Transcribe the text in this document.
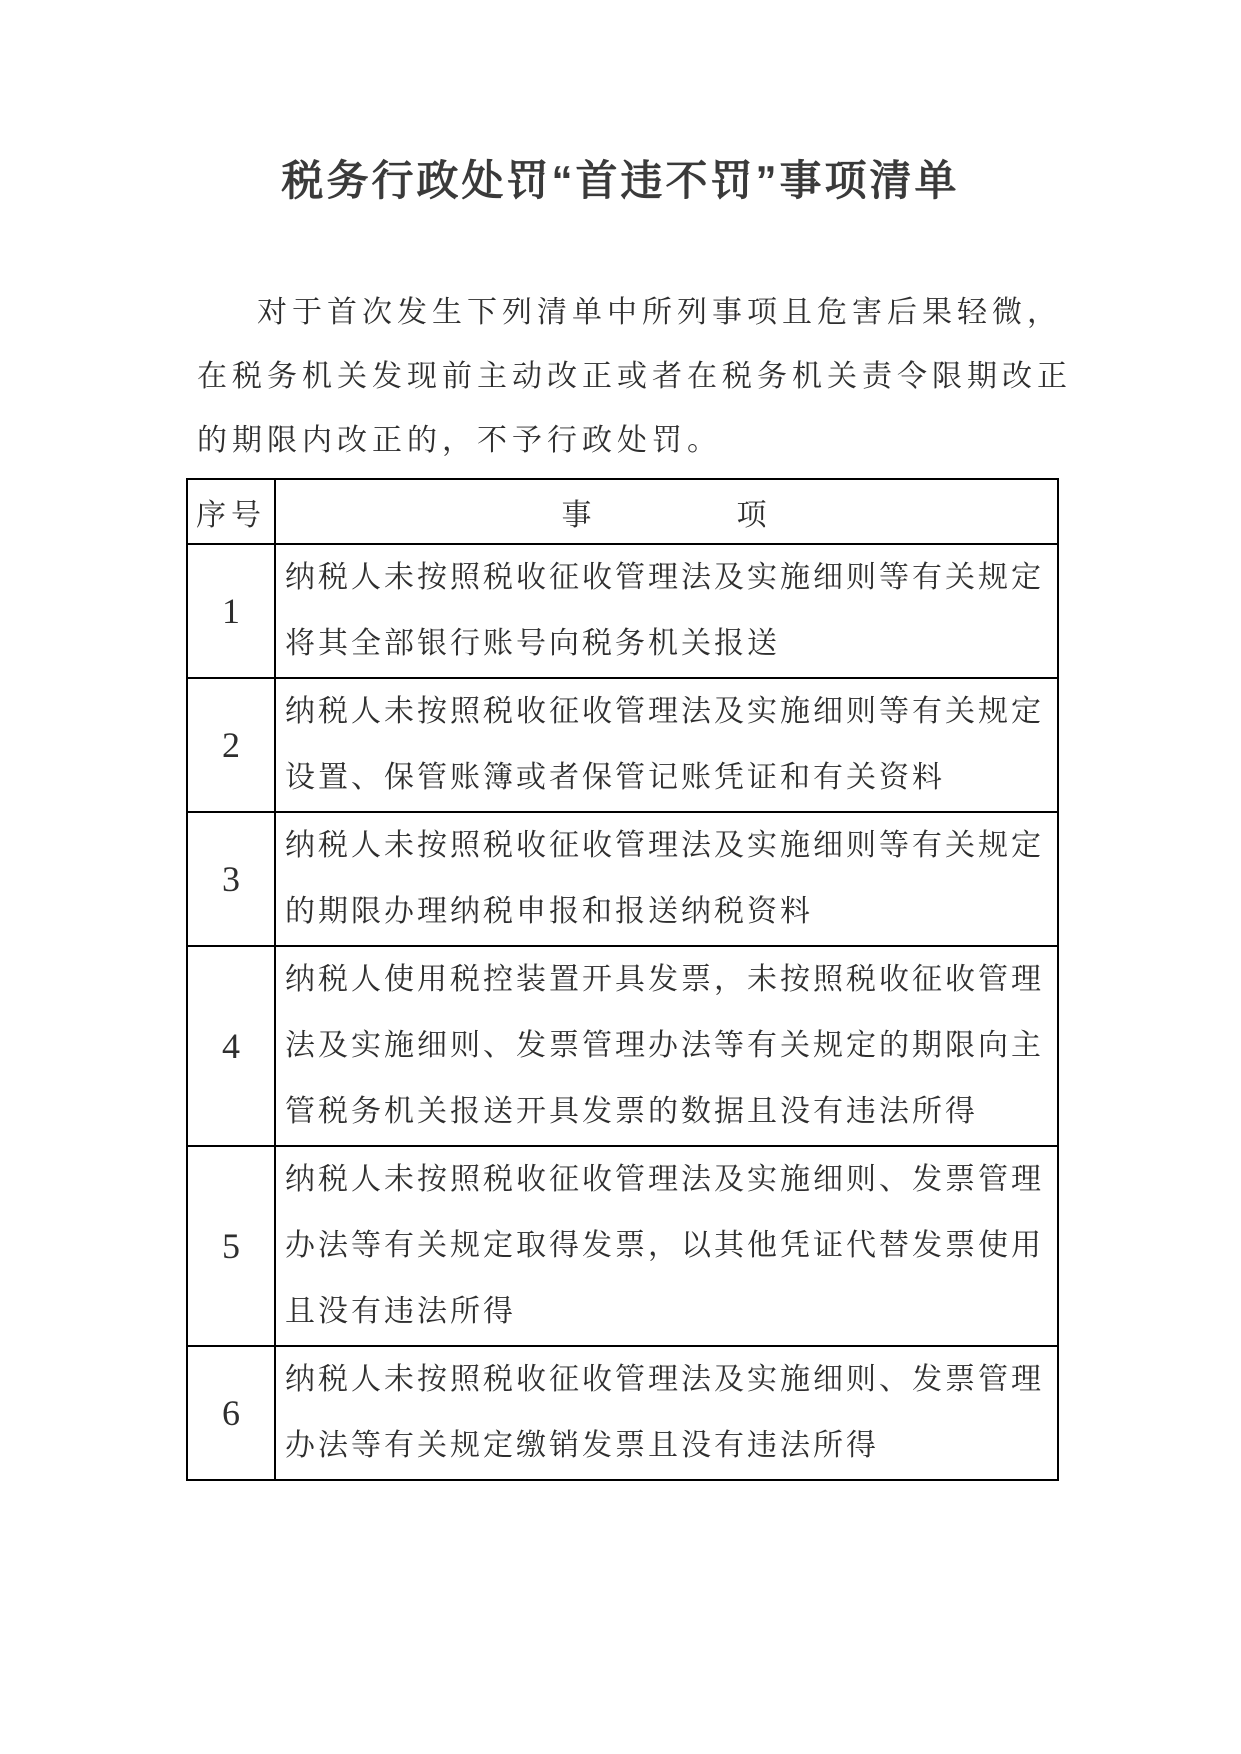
税务行政处罚“首违不罚”事项清单

对于首次发生下列清单中所列事项且危害后果轻微，在税务机关发现前主动改正或者在税务机关责令限期改正的期限内改正的，不予行政处罚。

序号	事　　　　项
1	纳税人未按照税收征收管理法及实施细则等有关规定将其全部银行账号向税务机关报送
2	纳税人未按照税收征收管理法及实施细则等有关规定设置、保管账簿或者保管记账凭证和有关资料
3	纳税人未按照税收征收管理法及实施细则等有关规定的期限办理纳税申报和报送纳税资料
4	纳税人使用税控装置开具发票，未按照税收征收管理法及实施细则、发票管理办法等有关规定的期限向主管税务机关报送开具发票的数据且没有违法所得
5	纳税人未按照税收征收管理法及实施细则、发票管理办法等有关规定取得发票，以其他凭证代替发票使用且没有违法所得
6	纳税人未按照税收征收管理法及实施细则、发票管理办法等有关规定缴销发票且没有违法所得
